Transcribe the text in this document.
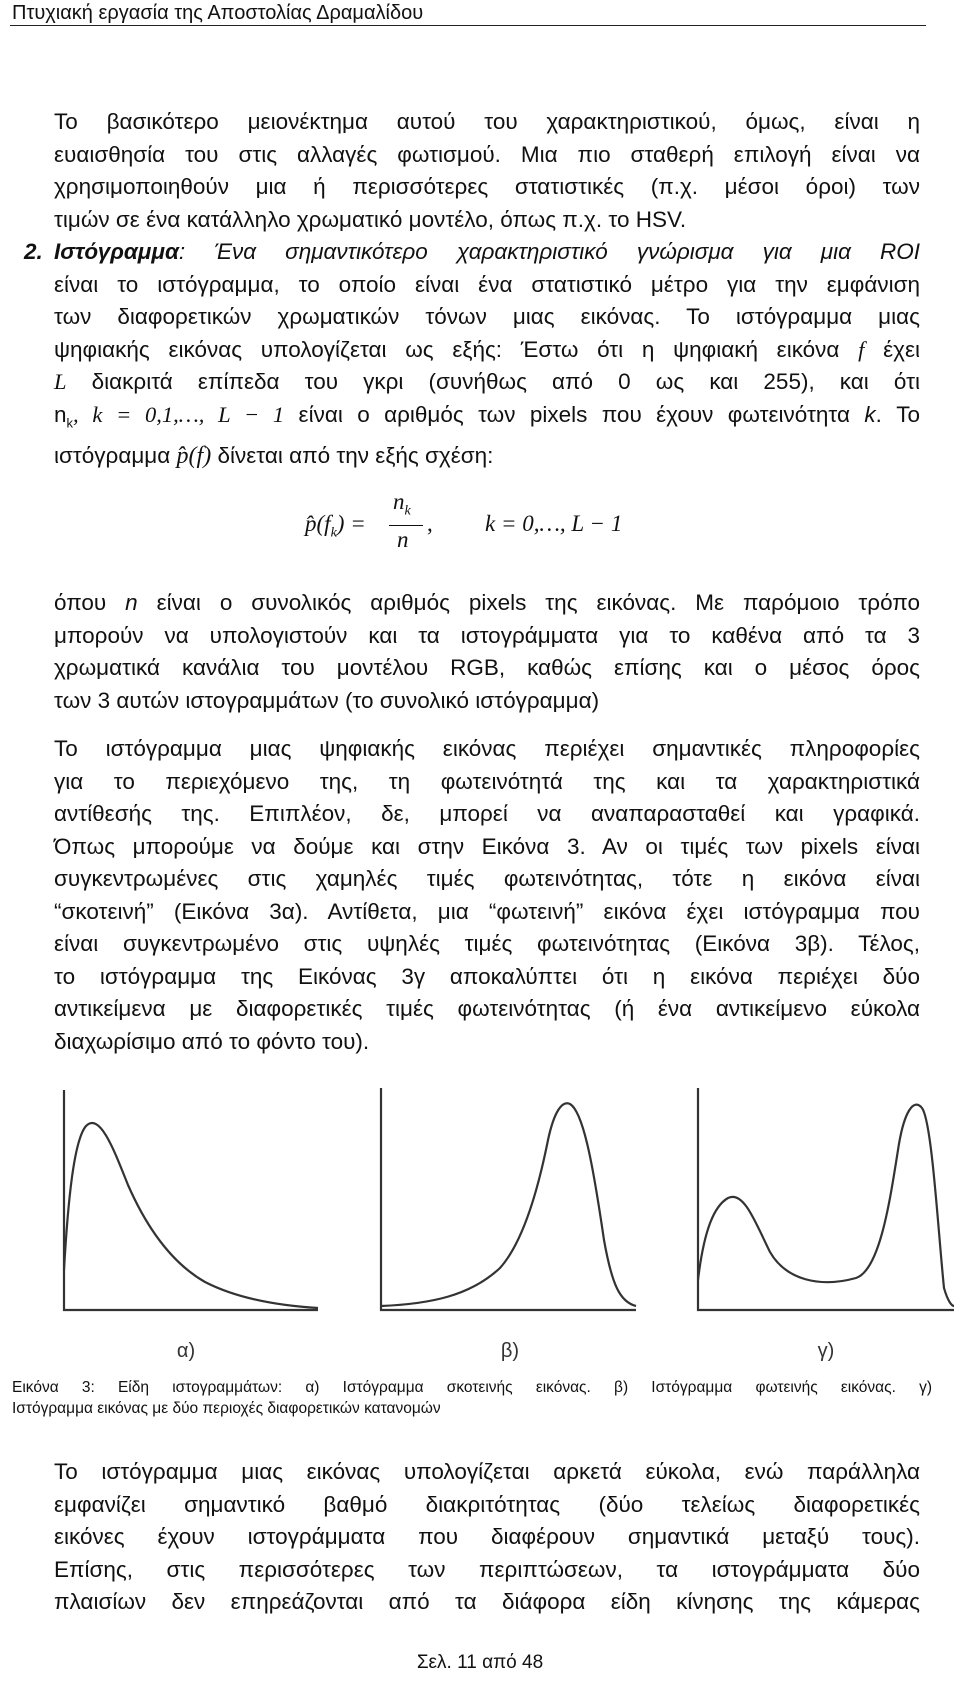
Πτυχιακή εργασία της Αποστολίας Δραμαλίδου
Το βασικότερο μειονέκτημα αυτού του χαρακτηριστικού, όμως, είναι η
ευαισθησία του στις αλλαγές φωτισμού. Μια πιο σταθερή επιλογή είναι να
χρησιμοποιηθούν μια ή περισσότερες στατιστικές (π.χ. μέσοι όροι) των
τιμών σε ένα κατάλληλο χρωματικό μοντέλο, όπως π.χ. το HSV.
2. Ιστόγραμμα: Ένα σημαντικότερο χαρακτηριστικό γνώρισμα για μια ROI
είναι το ιστόγραμμα, το οποίο είναι ένα στατιστικό μέτρο για την εμφάνιση
των διαφορετικών χρωματικών τόνων μιας εικόνας. Το ιστόγραμμα μιας
ψηφιακής εικόνας υπολογίζεται ως εξής: Έστω ότι η ψηφιακή εικόνα f έχει
L διακριτά επίπεδα του γκρι (συνήθως από 0 ως και 255), και ότι
$n_k$, k = 0,1,…, L − 1 είναι ο αριθμός των pixels που έχουν φωτεινότητα k. Το
ιστόγραμμα p̂(f) δίνεται από την εξής σχέση:
$p̂(f_k)$ =
$n_k$
n
, k = 0,…, L − 1
όπου n είναι ο συνολικός αριθμός pixels της εικόνας. Με παρόμοιο τρόπο
μπορούν να υπολογιστούν και τα ιστογράμματα για το καθένα από τα 3
χρωματικά κανάλια του μοντέλου RGB, καθώς επίσης και ο μέσος όρος
των 3 αυτών ιστογραμμάτων (το συνολικό ιστόγραμμα)
Το ιστόγραμμα μιας ψηφιακής εικόνας περιέχει σημαντικές πληροφορίες
για το περιεχόμενο της, τη φωτεινότητά της και τα χαρακτηριστικά
αντίθεσής της. Επιπλέον, δε, μπορεί να αναπαρασταθεί και γραφικά.
Όπως μπορούμε να δούμε και στην Εικόνα 3. Αν οι τιμές των pixels είναι
συγκεντρωμένες στις χαμηλές τιμές φωτεινότητας, τότε η εικόνα είναι
“σκοτεινή” (Εικόνα 3α). Αντίθετα, μια “φωτεινή” εικόνα έχει ιστόγραμμα που
είναι συγκεντρωμένο στις υψηλές τιμές φωτεινότητας (Εικόνα 3β). Τέλος,
το ιστόγραμμα της Εικόνας 3γ αποκαλύπτει ότι η εικόνα περιέχει δύο
αντικείμενα με διαφορετικές τιμές φωτεινότητας (ή ένα αντικείμενο εύκολα
διαχωρίσιμο από το φόντο του).
α)	β)	γ)
Εικόνα 3: Είδη ιστογραμμάτων: α) Ιστόγραμμα σκοτεινής εικόνας. β) Ιστόγραμμα φωτεινής εικόνας. γ)
Ιστόγραμμα εικόνας με δύο περιοχές διαφορετικών κατανομών
Το ιστόγραμμα μιας εικόνας υπολογίζεται αρκετά εύκολα, ενώ παράλληλα
εμφανίζει σημαντικό βαθμό διακριτότητας (δύο τελείως διαφορετικές
εικόνες έχουν ιστογράμματα που διαφέρουν σημαντικά μεταξύ τους).
Επίσης, στις περισσότερες των περιπτώσεων, τα ιστογράμματα δύο
πλαισίων δεν επηρεάζονται από τα διάφορα είδη κίνησης της κάμερας
Σελ. 11 από 48
